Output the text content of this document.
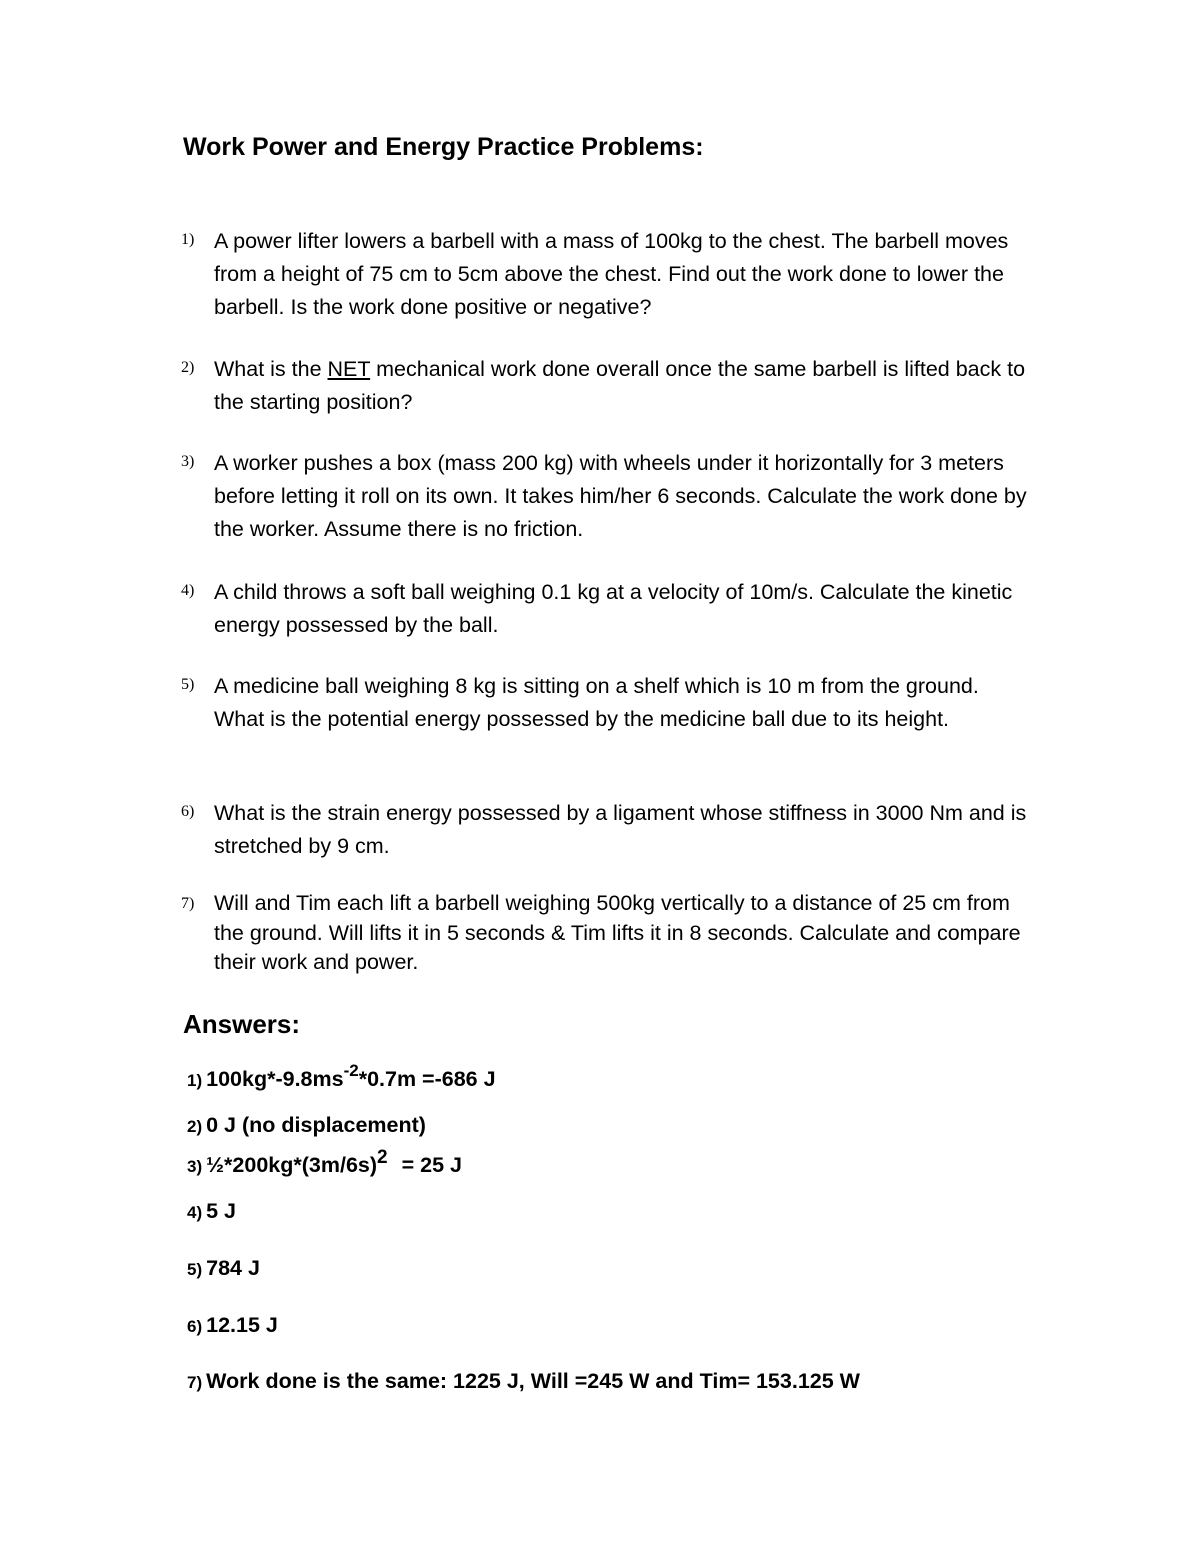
Work Power and Energy Practice Problems:
1) A power lifter lowers a barbell with a mass of 100kg to the chest. The barbell moves from a height of 75 cm to 5cm above the chest. Find out the work done to lower the barbell. Is the work done positive or negative?
2) What is the NET mechanical work done overall once the same barbell is lifted back to the starting position?
3) A worker pushes a box (mass 200 kg) with wheels under it horizontally for 3 meters before letting it roll on its own. It takes him/her 6 seconds. Calculate the work done by the worker. Assume there is no friction.
4) A child throws a soft ball weighing 0.1 kg at a velocity of 10m/s. Calculate the kinetic energy possessed by the ball.
5) A medicine ball weighing 8 kg is sitting on a shelf which is 10 m from the ground. What is the potential energy possessed by the medicine ball due to its height.
6) What is the strain energy possessed by a ligament whose stiffness in 3000 Nm and is stretched by 9 cm.
7) Will and Tim each lift a barbell weighing 500kg vertically to a distance of 25 cm from the ground. Will lifts it in 5 seconds & Tim lifts it in 8 seconds. Calculate and compare their work and power.
Answers:
1) $100kg*-9.8ms^{-2}*0.7m =-686$ J
2) 0 J (no displacement)
3) ½*200kg*(3m/6s)2 = 25 J
4) 5 J
5) 784 J
6) 12.15 J
7) Work done is the same: 1225 J, Will =245 W and Tim= 153.125 W
